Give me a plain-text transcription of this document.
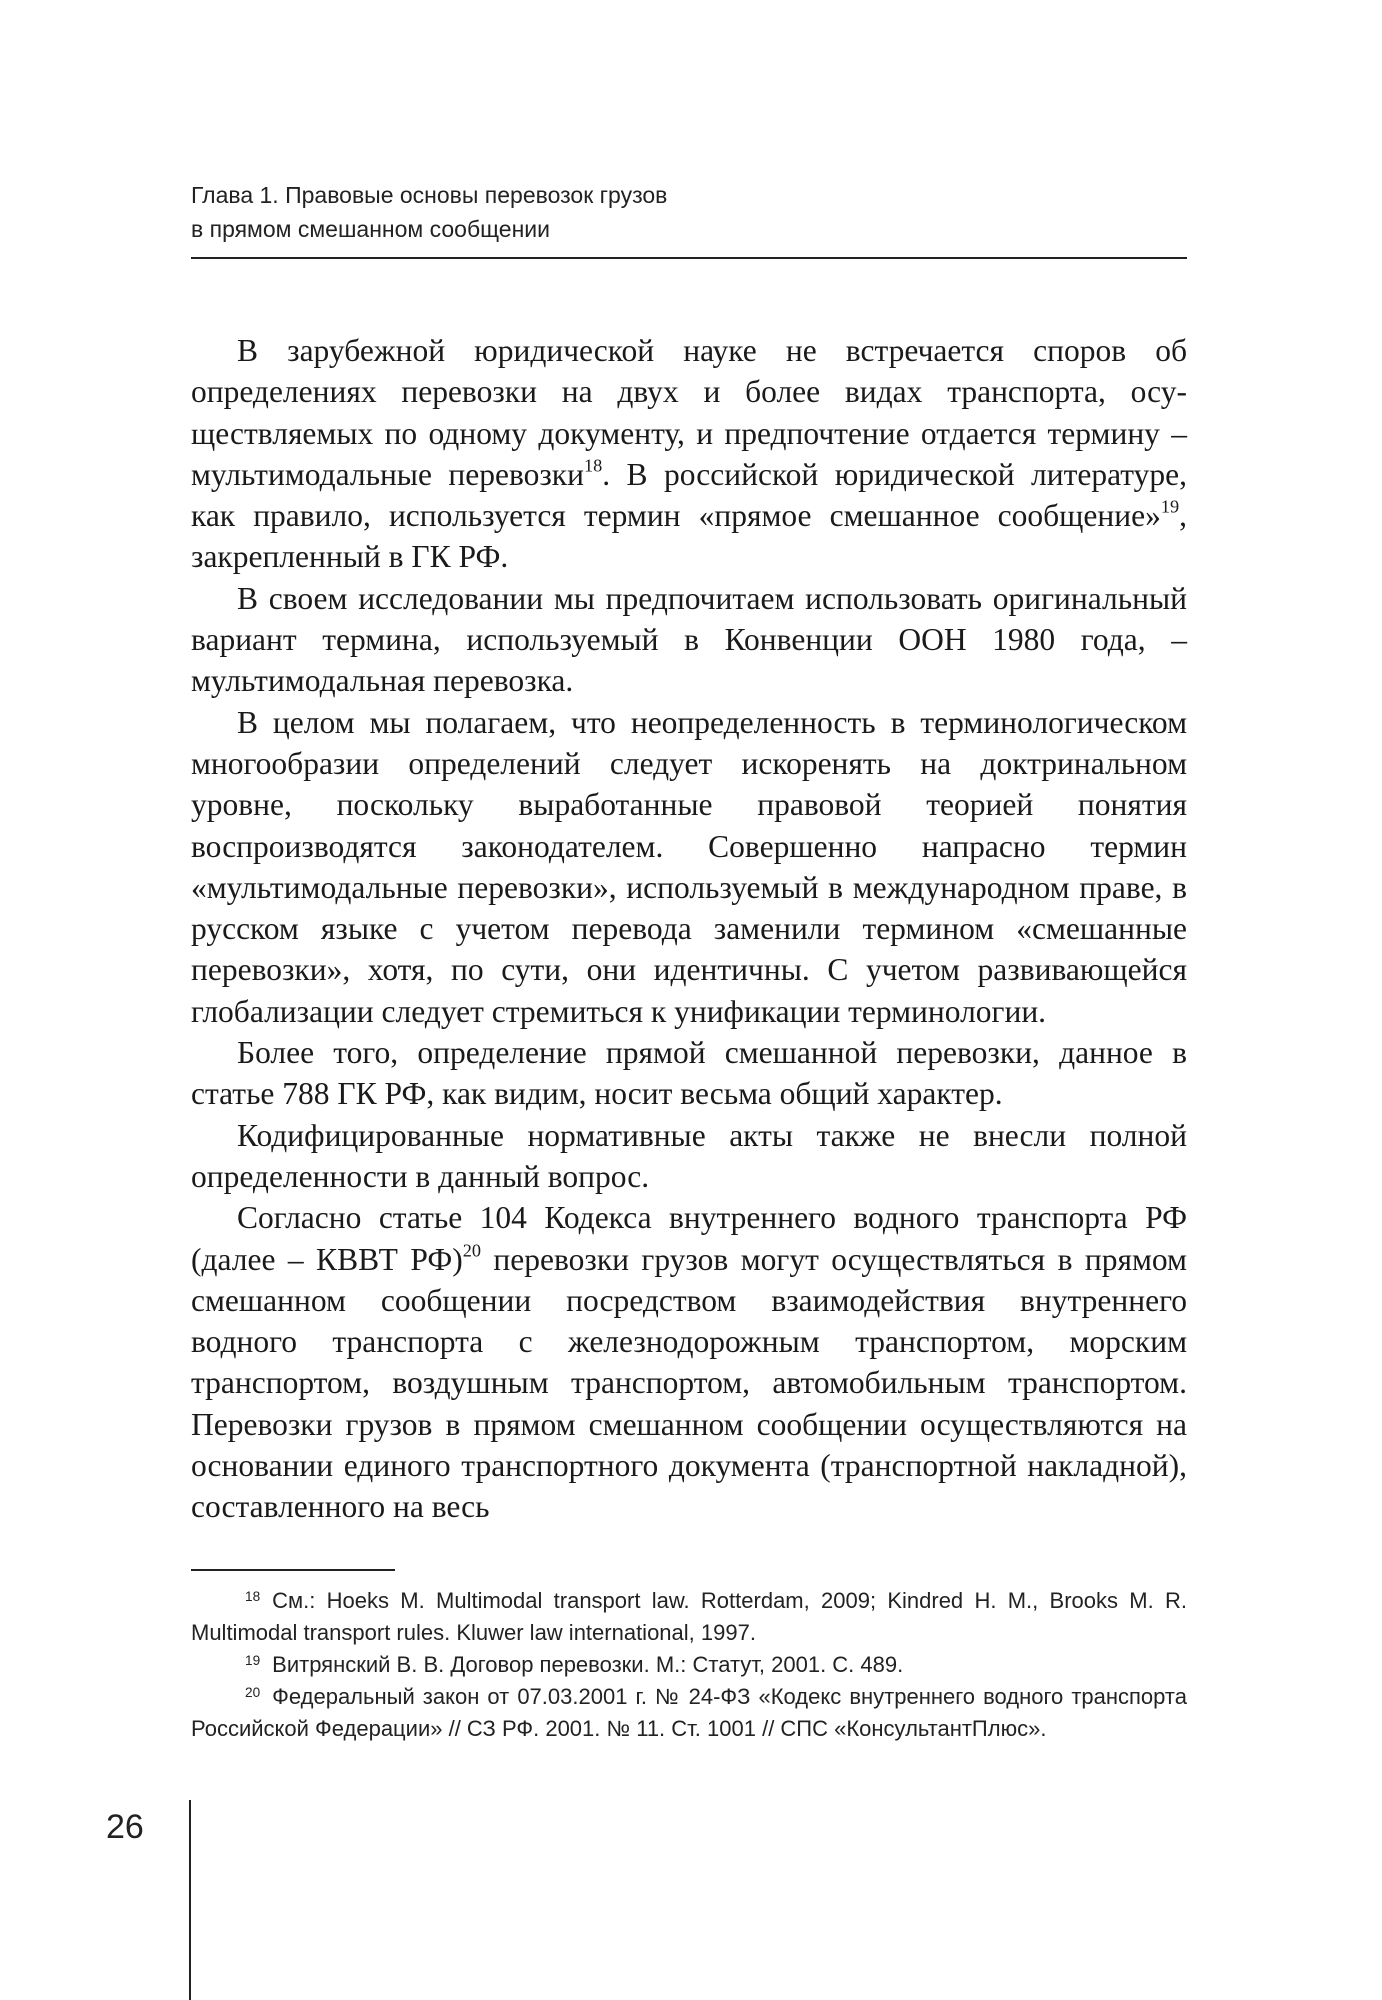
Глава 1. Правовые основы перевозок грузов
в прямом смешанном сообщении

В зарубежной юридической науке не встречается споров об определениях перевозки на двух и более видах транспорта, осуществляемых по одному документу, и предпочтение отдается термину – мультимодальные перевозки$^{18}$. В российской юридической литературе, как правило, используется термин «прямое смешанное сообщение»$^{19}$, закрепленный в ГК РФ.

В своем исследовании мы предпочитаем использовать оригинальный вариант термина, используемый в Конвенции ООН 1980 года, – мультимодальная перевозка.

В целом мы полагаем, что неопределенность в терминологическом многообразии определений следует искоренять на доктринальном уровне, поскольку выработанные правовой теорией понятия воспроизводятся законодателем. Совершенно напрасно термин «мультимодальные перевозки», используемый в международном праве, в русском языке с учетом перевода заменили термином «смешанные перевозки», хотя, по сути, они идентичны. С учетом развивающейся глобализации следует стремиться к унификации терминологии.

Более того, определение прямой смешанной перевозки, данное в статье 788 ГК РФ, как видим, носит весьма общий характер.

Кодифицированные нормативные акты также не внесли полной определенности в данный вопрос.

Согласно статье 104 Кодекса внутреннего водного транспорта РФ (далее – КВВТ РФ)$^{20}$ перевозки грузов могут осуществляться в прямом смешанном сообщении посредством взаимодействия внутреннего водного транспорта с железнодорожным транспортом, морским транспортом, воздушным транспортом, автомобильным транспортом. Перевозки грузов в прямом смешанном сообщении осуществляются на основании единого транспортного документа (транспортной накладной), составленного на весь

$^{18}$ См.: Hoeks M. Multimodal transport law. Rotterdam, 2009; Kindred H. M., Brooks M. R. Multimodal transport rules. Kluwer law international, 1997.

$^{19}$ Витрянский В. В. Договор перевозки. М.: Статут, 2001. С. 489.

$^{20}$ Федеральный закон от 07.03.2001 г. № 24-ФЗ «Кодекс внутреннего водного транспорта Российской Федерации» // СЗ РФ. 2001. № 11. Ст. 1001 // СПС «КонсультантПлюс».

26
